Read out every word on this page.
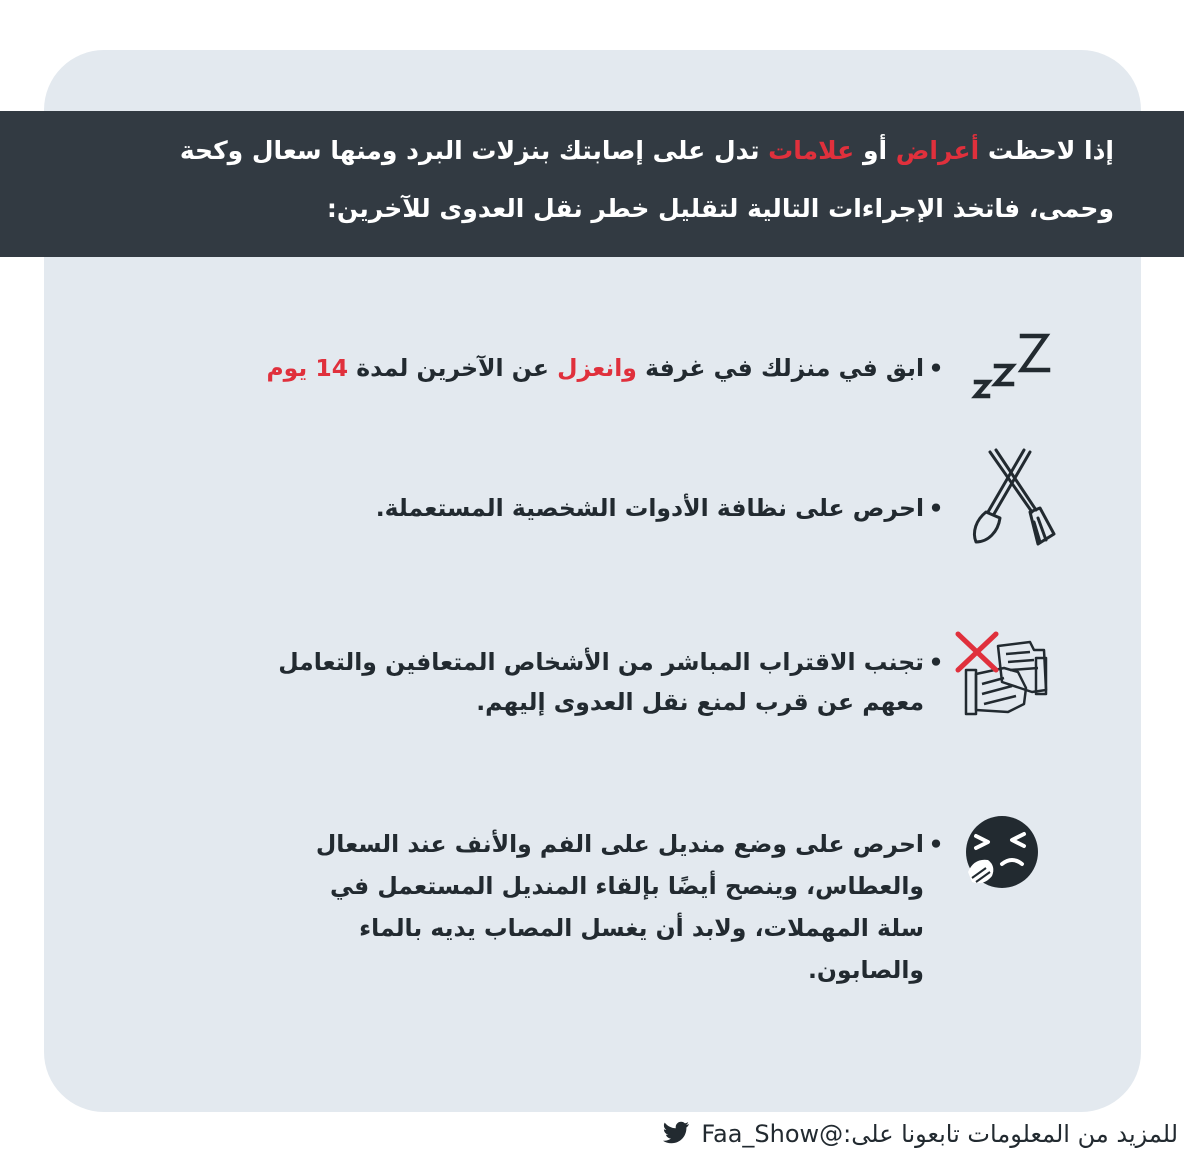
إذا لاحظت أعراض أو علامات تدل على إصابتك بنزلات البرد ومنها سعال وكحة
وحمى، فاتخذ الإجراءات التالية لتقليل خطر نقل العدوى للآخرين:
•ابق في منزلك في غرفة وانعزل عن الآخرين لمدة 14 يوم
•احرص على نظافة الأدوات الشخصية المستعملة.
•تجنب الاقتراب المباشر من الأشخاص المتعافين والتعامل
معهم عن قرب لمنع نقل العدوى إليهم.
•احرص على وضع منديل على الفم والأنف عند السعال
والعطاس، وينصح أيضًا بإلقاء المنديل المستعمل في
سلة المهملات، ولابد أن يغسل المصاب يديه بالماء
والصابون.
للمزيد من المعلومات تابعونا على:@Faa_Show
